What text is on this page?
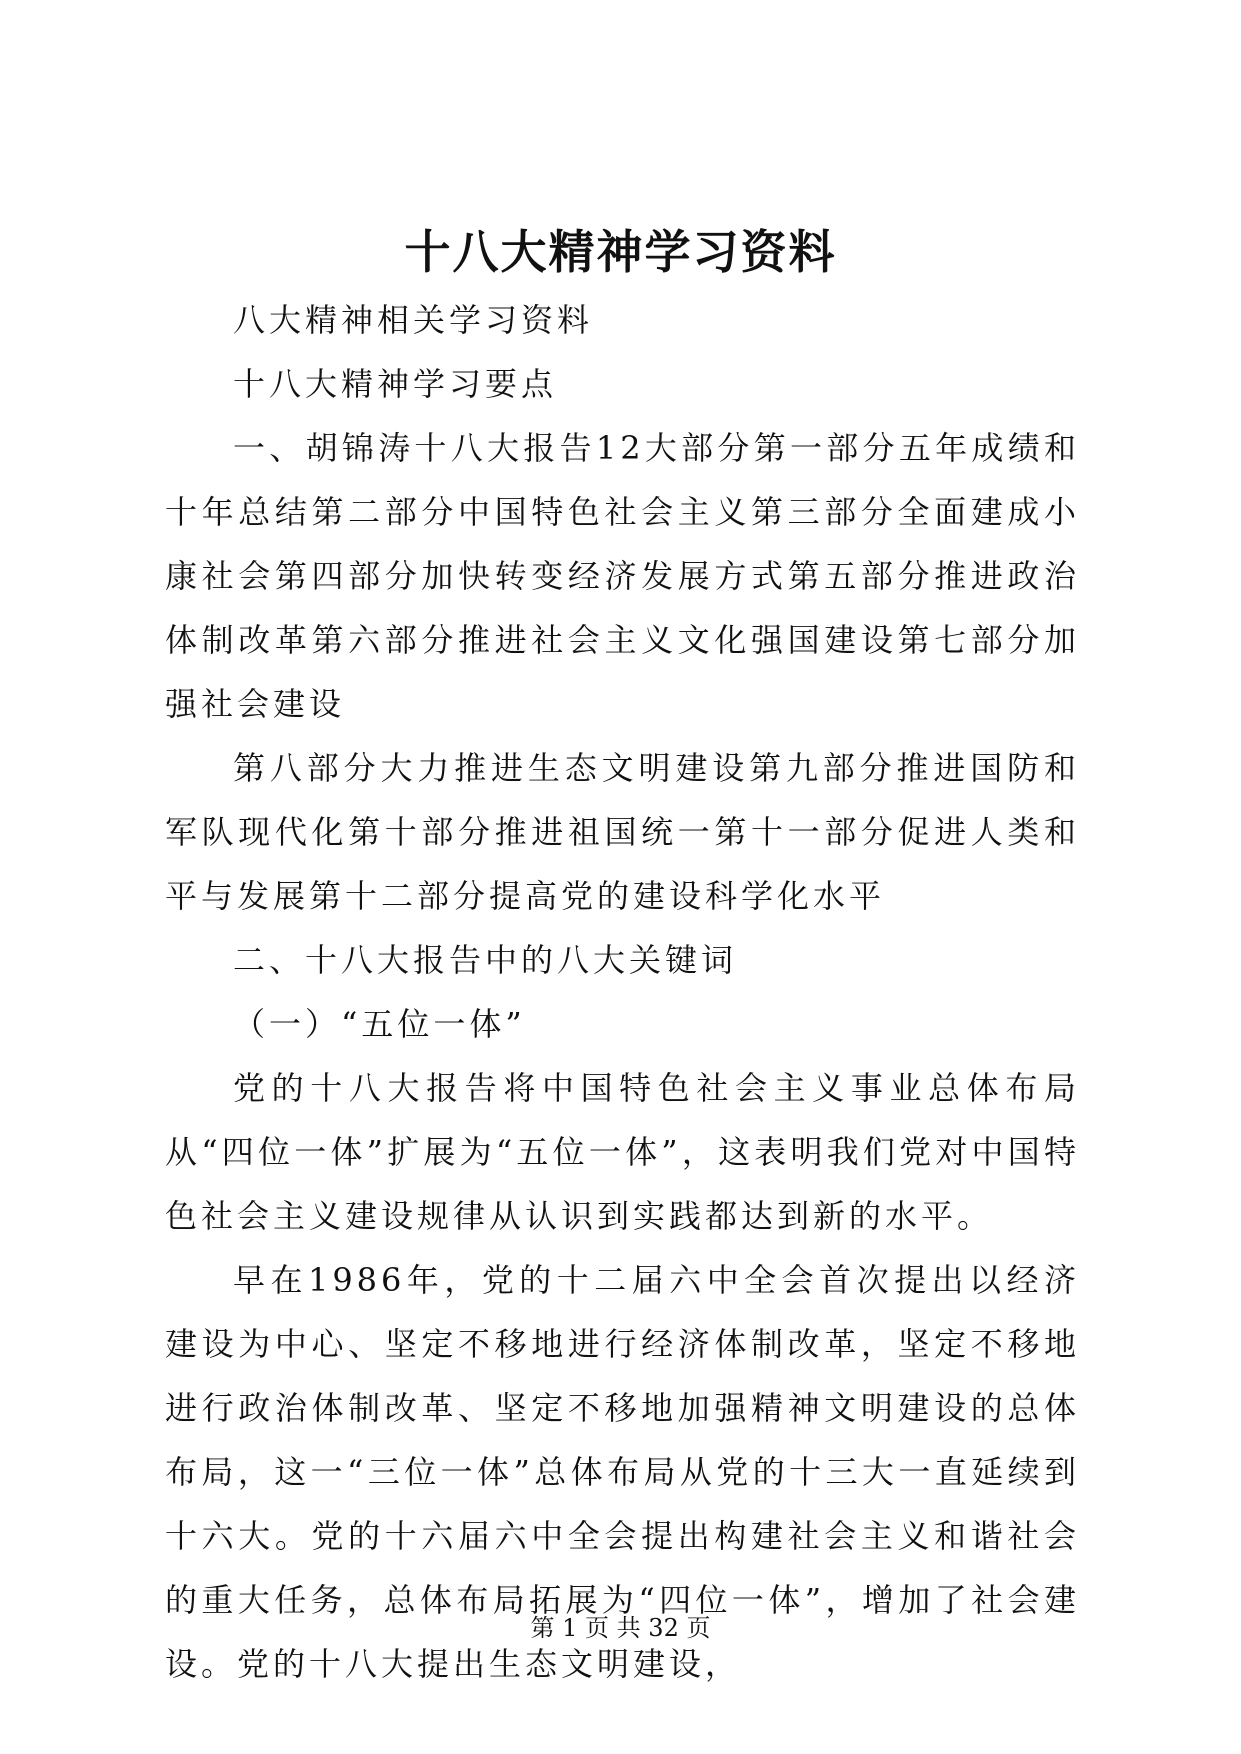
十八大精神学习资料

八大精神相关学习资料

十八大精神学习要点

一、胡锦涛十八大报告12大部分第一部分五年成绩和十年总结第二部分中国特色社会主义第三部分全面建成小康社会第四部分加快转变经济发展方式第五部分推进政治体制改革第六部分推进社会主义文化强国建设第七部分加强社会建设

第八部分大力推进生态文明建设第九部分推进国防和军队现代化第十部分推进祖国统一第十一部分促进人类和平与发展第十二部分提高党的建设科学化水平

二、十八大报告中的八大关键词

（一）“五位一体”

党的十八大报告将中国特色社会主义事业总体布局从“四位一体”扩展为“五位一体”，这表明我们党对中国特色社会主义建设规律从认识到实践都达到新的水平。

早在1986年，党的十二届六中全会首次提出以经济建设为中心、坚定不移地进行经济体制改革，坚定不移地进行政治体制改革、坚定不移地加强精神文明建设的总体布局，这一“三位一体”总体布局从党的十三大一直延续到十六大。党的十六届六中全会提出构建社会主义和谐社会的重大任务，总体布局拓展为“四位一体”，增加了社会建设。党的十八大提出生态文明建设，

第 1 页 共 32 页
